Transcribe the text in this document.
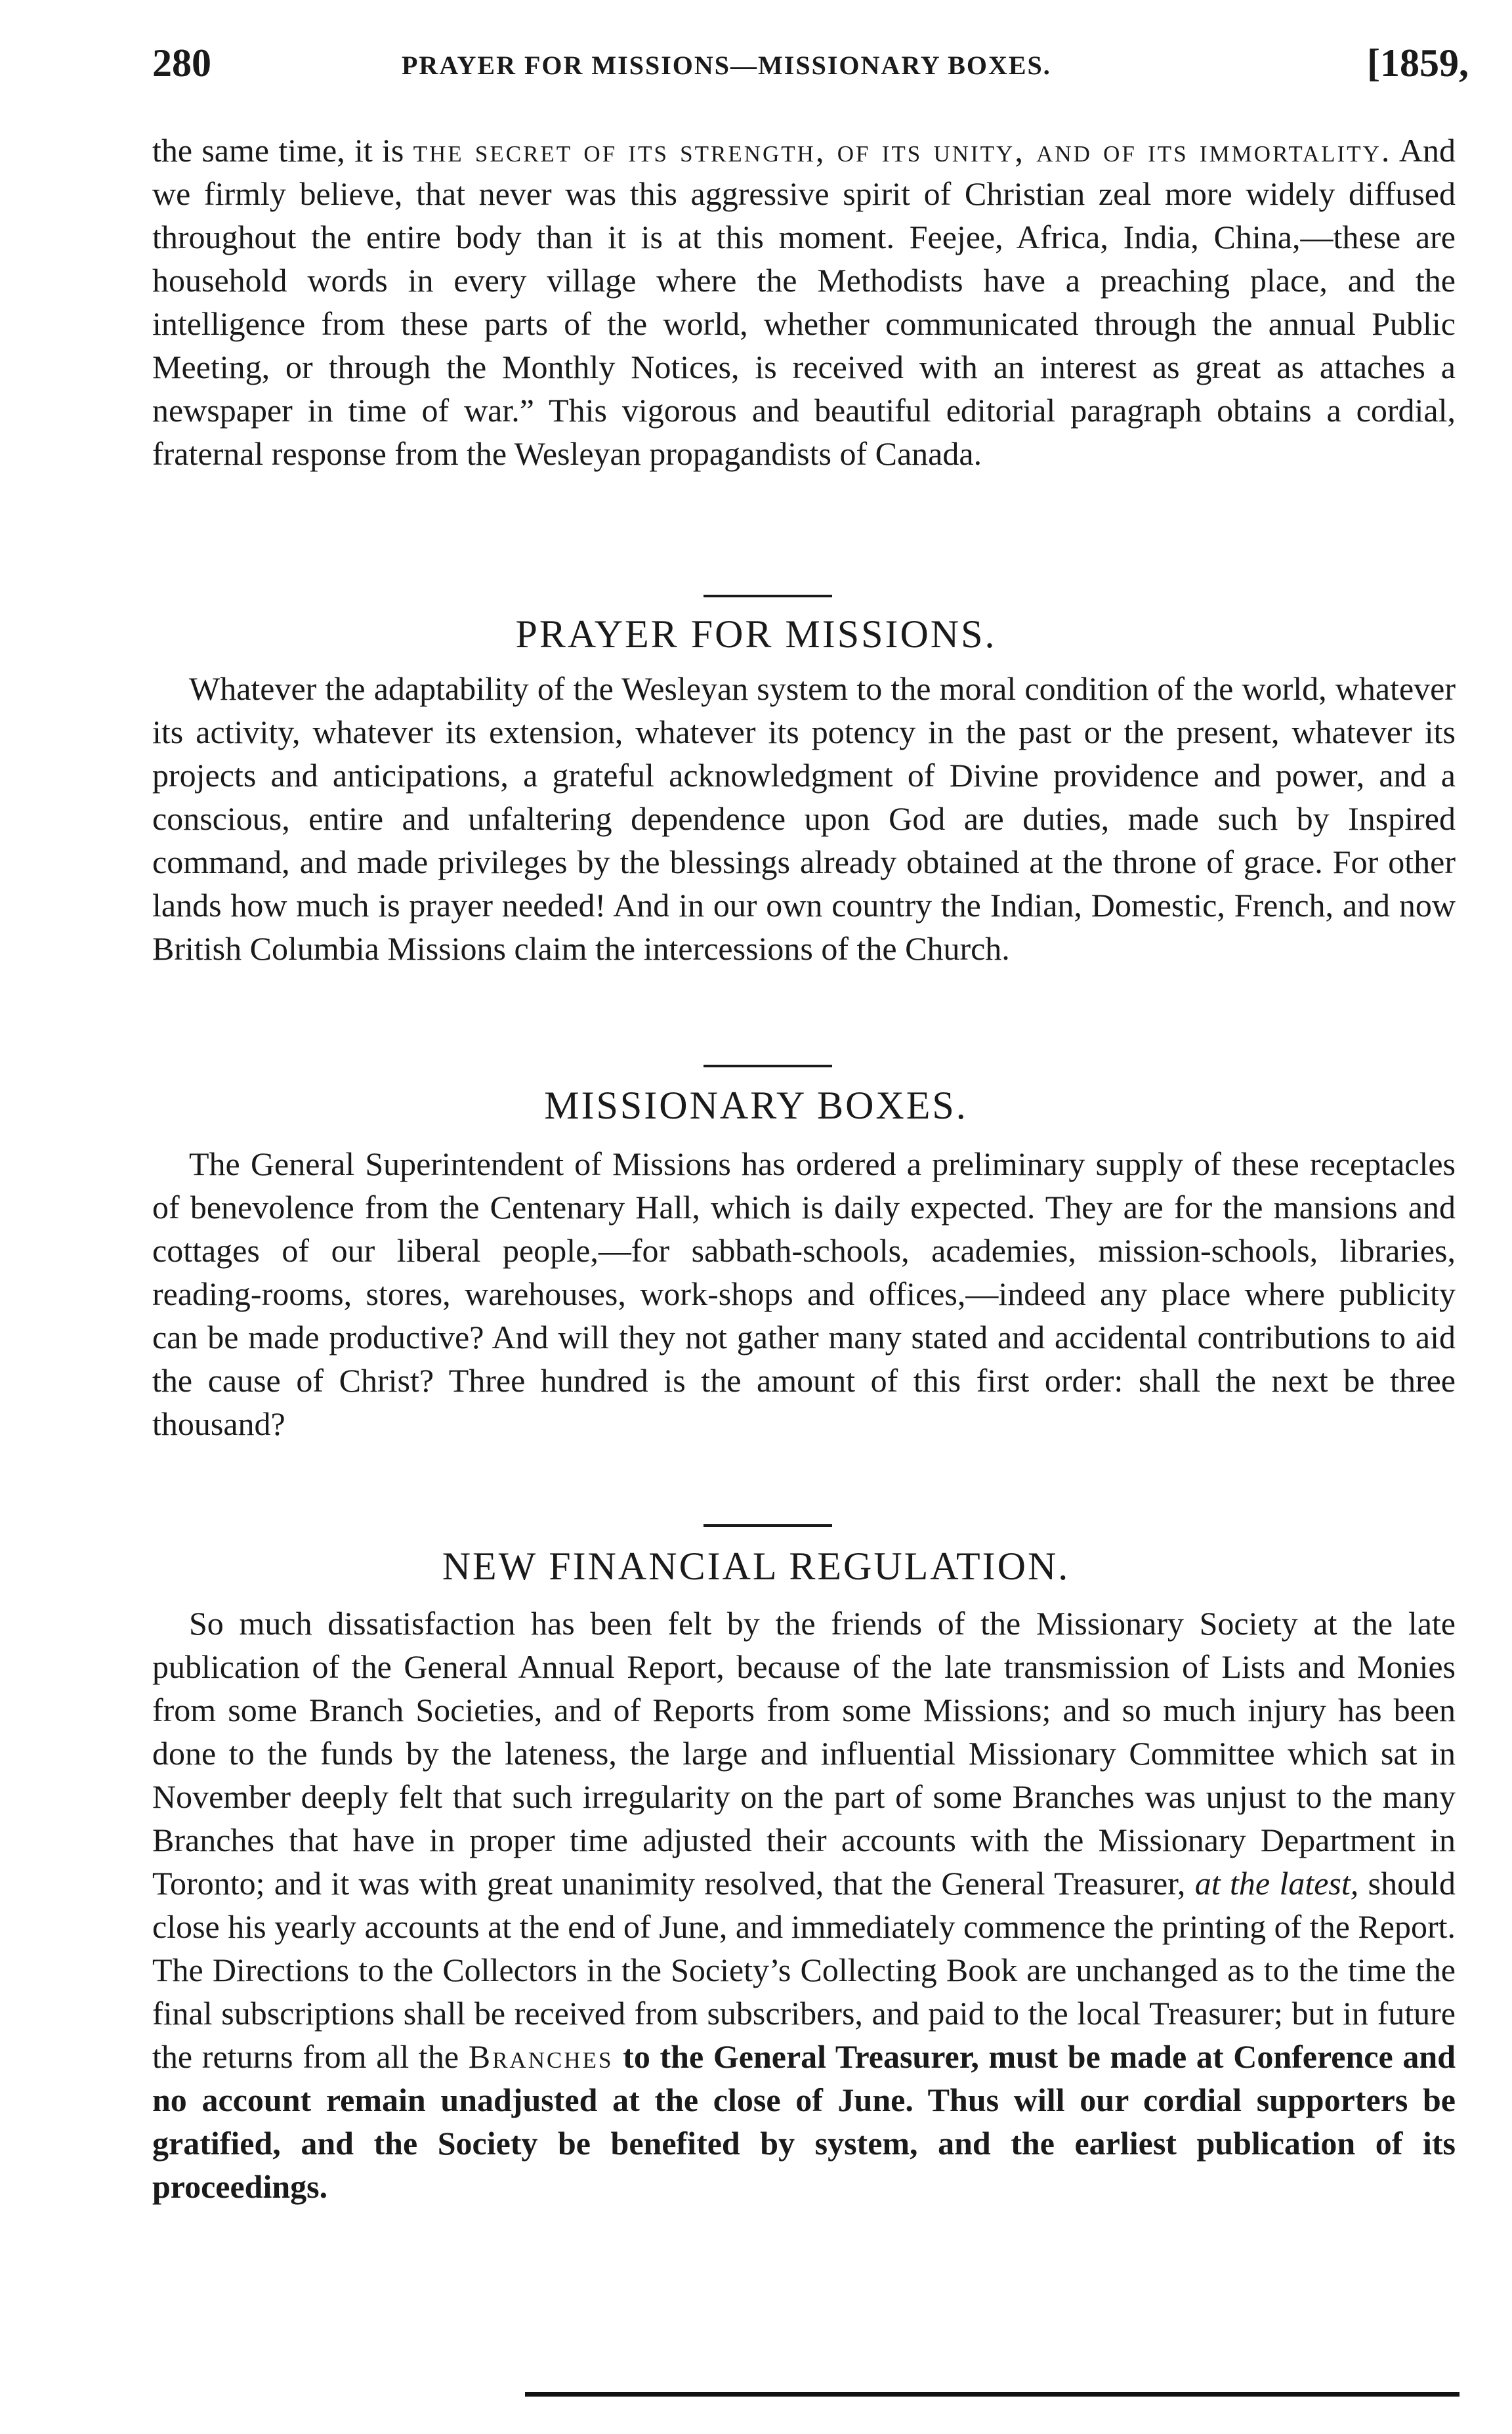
280	PRAYER FOR MISSIONS—MISSIONARY BOXES.	[1859,

the same time, it is the secret of its strength, of its unity, and of its immortality. And we firmly believe, that never was this aggressive spirit of Christian zeal more widely diffused throughout the entire body than it is at this moment. Feejee, Africa, India, China,—these are household words in every village where the Methodists have a preaching place, and the intelligence from these parts of the world, whether communicated through the annual Public Meeting, or through the Monthly Notices, is received with an interest as great as attaches a newspaper in time of war.” This vigorous and beautiful editorial paragraph obtains a cordial, fraternal response from the Wesleyan propagandists of Canada.

PRAYER FOR MISSIONS.

Whatever the adaptability of the Wesleyan system to the moral condition of the world, whatever its activity, whatever its extension, whatever its potency in the past or the present, whatever its projects and anticipations, a grateful acknowledgment of Divine providence and power, and a conscious, entire and unfaltering dependence upon God are duties, made such by Inspired command, and made privileges by the blessings already obtained at the throne of grace. For other lands how much is prayer needed! And in our own country the Indian, Domestic, French, and now British Columbia Missions claim the intercessions of the Church.

MISSIONARY BOXES.

The General Superintendent of Missions has ordered a preliminary supply of these receptacles of benevolence from the Centenary Hall, which is daily expected. They are for the mansions and cottages of our liberal people,—for sabbath-schools, academies, mission-schools, libraries, reading-rooms, stores, warehouses, work-shops and offices,—indeed any place where publicity can be made productive? And will they not gather many stated and accidental contributions to aid the cause of Christ? Three hundred is the amount of this first order: shall the next be three thousand?

NEW FINANCIAL REGULATION.

So much dissatisfaction has been felt by the friends of the Missionary Society at the late publication of the General Annual Report, because of the late transmission of Lists and Monies from some Branch Societies, and of Reports from some Missions; and so much injury has been done to the funds by the lateness, the large and influential Missionary Committee which sat in November deeply felt that such irregularity on the part of some Branches was unjust to the many Branches that have in proper time adjusted their accounts with the Missionary Department in Toronto; and it was with great unanimity resolved, that the General Treasurer, at the latest, should close his yearly accounts at the end of June, and immediately commence the printing of the Report. The Directions to the Collectors in the Society’s Collecting Book are unchanged as to the time the final subscriptions shall be received from subscribers, and paid to the local Treasurer; but in future the returns from all the Branches to the General Treasurer, must be made at Conference and no account remain unadjusted at the close of June. Thus will our cordial supporters be gratified, and the Society be benefited by system, and the earliest publication of its proceedings.
